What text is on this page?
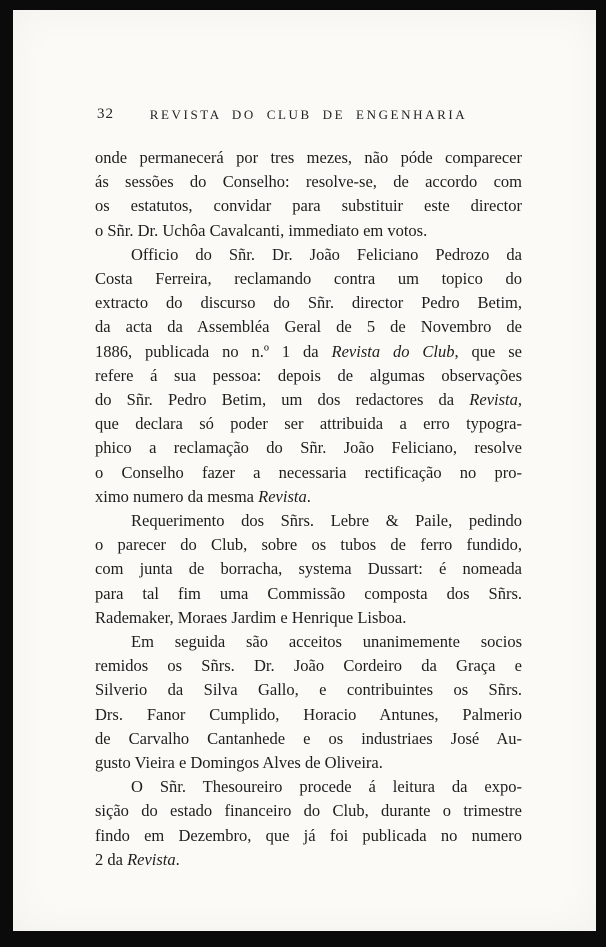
32	REVISTA DO CLUB DE ENGENHARIA
onde permanecerá por tres mezes, não póde comparecer
ás sessões do Conselho: resolve-se, de accordo com
os estatutos, convidar para substituir este director
o Sñr. Dr. Uchôa Cavalcanti, immediato em votos.
Officio do Sñr. Dr. João Feliciano Pedrozo da
Costa Ferreira, reclamando contra um topico do
extracto do discurso do Sñr. director Pedro Betim,
da acta da Assembléa Geral de 5 de Novembro de
1886, publicada no n.º 1 da Revista do Club, que se
refere á sua pessoa: depois de algumas observações
do Sñr. Pedro Betim, um dos redactores da Revista,
que declara só poder ser attribuida a erro typogra-
phico a reclamação do Sñr. João Feliciano, resolve
o Conselho fazer a necessaria rectificação no pro-
ximo numero da mesma Revista.
Requerimento dos Sñrs. Lebre & Paile, pedindo
o parecer do Club, sobre os tubos de ferro fundido,
com junta de borracha, systema Dussart: é nomeada
para tal fim uma Commissão composta dos Sñrs.
Rademaker, Moraes Jardim e Henrique Lisboa.
Em seguida são acceitos unanimemente socios
remidos os Sñrs. Dr. João Cordeiro da Graça e
Silverio da Silva Gallo, e contribuintes os Sñrs.
Drs. Fanor Cumplido, Horacio Antunes, Palmerio
de Carvalho Cantanhede e os industriaes José Au-
gusto Vieira e Domingos Alves de Oliveira.
O Sñr. Thesoureiro procede á leitura da expo-
sição do estado financeiro do Club, durante o trimestre
findo em Dezembro, que já foi publicada no numero
2 da Revista.
